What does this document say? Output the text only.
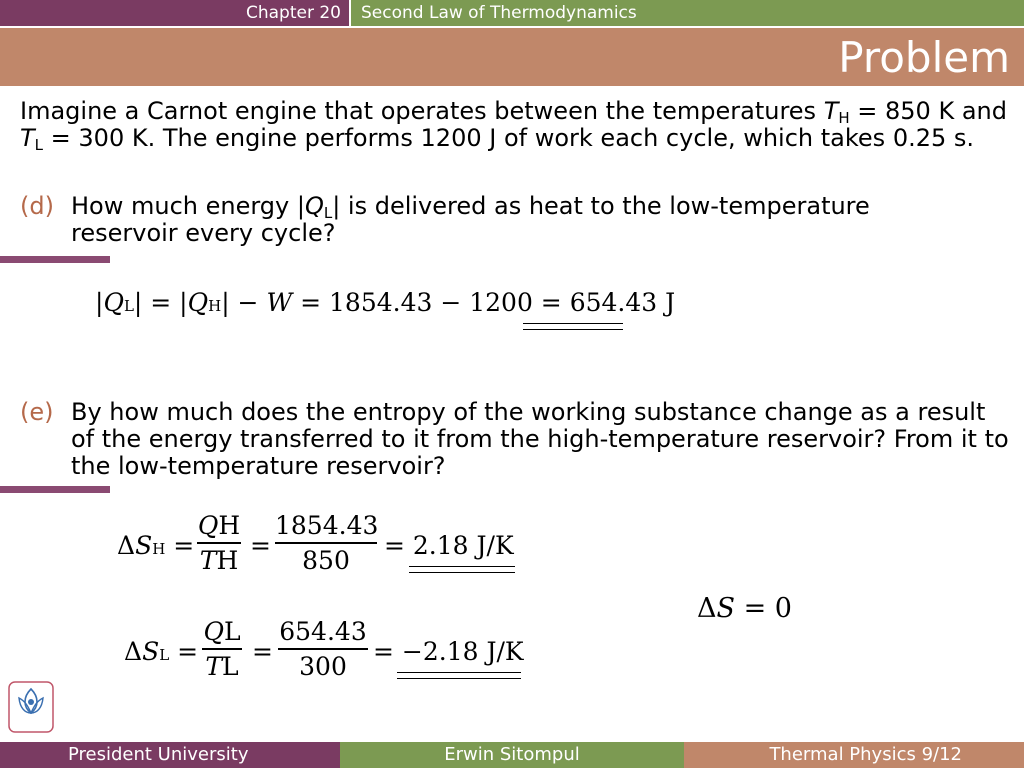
Chapter 20	Second Law of Thermodynamics
Problem
Imagine a Carnot engine that operates between the temperatures $T_H = 850$ K and $T_L = 300$ K. The engine performs 1200 J of work each cycle, which takes 0.25 s.
(d) How much energy $|Q_L|$ is delivered as heat to the low-temperature reservoir every cycle?
|QL| = |QH| − W = 1854.43 − 1200 = 654.43 J
(e) By how much does the entropy of the working substance change as a result of the energy transferred to it from the high-temperature reservoir? From it to the low-temperature reservoir?
ΔSH =
QH
TH =
1854.43
850	= 2.18 J/K
ΔS = 0
ΔSL =
QL
TL =
654.43
300	= −2.18 J/K
President University	Erwin Sitompul	Thermal Physics 9/12
